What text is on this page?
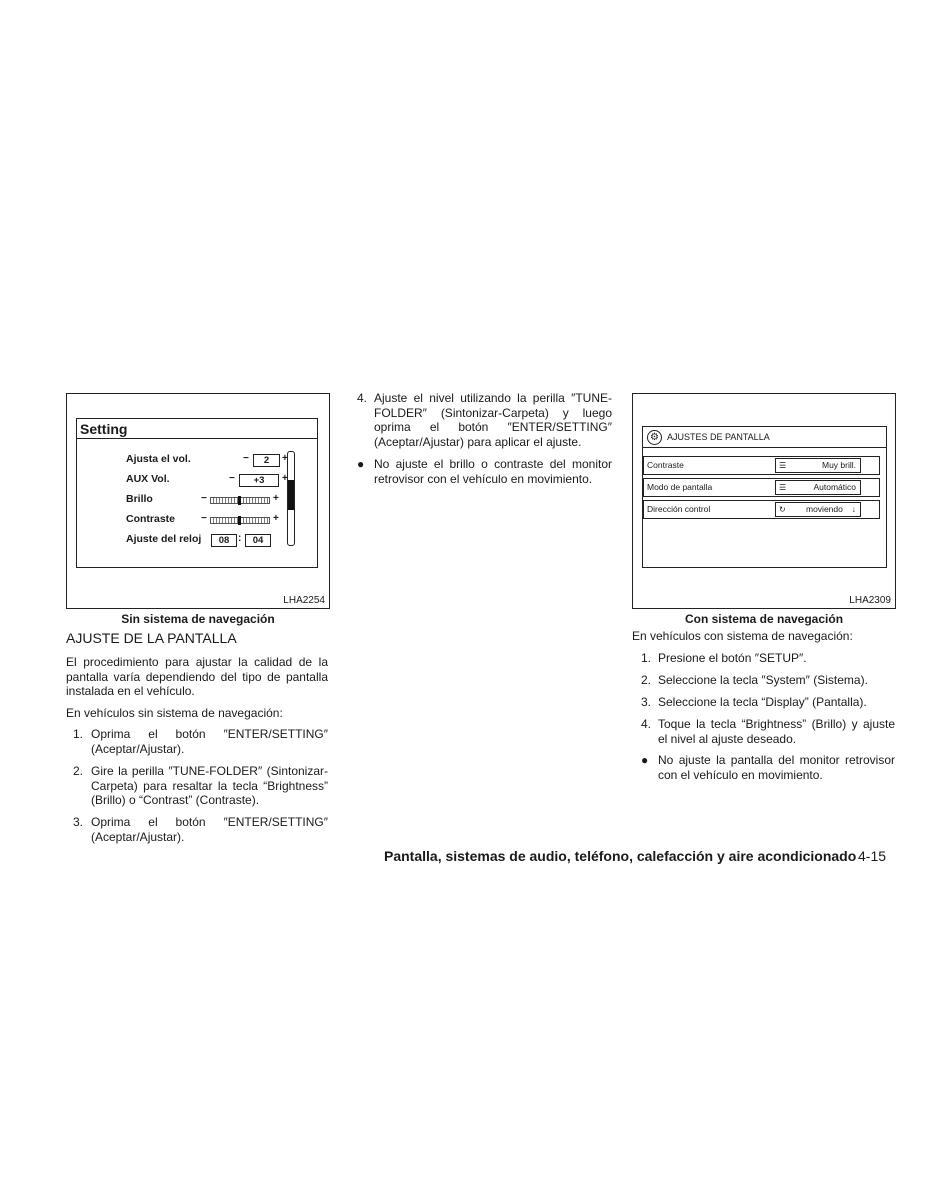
Setting
Ajusta el vol.	−	2	+
AUX Vol.	−	+3	+
Brillo	−	+
Contraste	−	+
Ajuste del reloj	08 :	04
LHA2254
Sin sistema de navegación
⚙ AJUSTES DE PANTALLA
Contraste	☰	Muy brill.
Modo de pantalla	☰	Automático
Dirección control	↻ moviendo ↓
LHA2309
Con sistema de navegación
AJUSTE DE LA PANTALLA
El procedimiento para ajustar la calidad de la pantalla varía dependiendo del tipo de pantalla instalada en el vehículo.
En vehículos sin sistema de navegación:
1. Oprima el botón ″ENTER/SETTING″ (Aceptar/Ajustar).
2. Gire la perilla ″TUNE-FOLDER″ (Sintonizar-Carpeta) para resaltar la tecla “Brightness” (Brillo) o “Contrast” (Contraste).
3. Oprima el botón ″ENTER/SETTING″ (Aceptar/Ajustar).
4. Ajuste el nivel utilizando la perilla ″TUNE-FOLDER″ (Sintonizar-Carpeta) y luego oprima el botón ″ENTER/SETTING″ (Aceptar/Ajustar) para aplicar el ajuste.
● No ajuste el brillo o contraste del monitor retrovisor con el vehículo en movimiento.
En vehículos con sistema de navegación:
1. Presione el botón ″SETUP″.
2. Seleccione la tecla ″System″ (Sistema).
3. Seleccione la tecla “Display” (Pantalla).
4. Toque la tecla “Brightness” (Brillo) y ajuste el nivel al ajuste deseado.
● No ajuste la pantalla del monitor retrovisor con el vehículo en movimiento.
Pantalla, sistemas de audio, teléfono, calefacción y aire acondicionado 4-15
